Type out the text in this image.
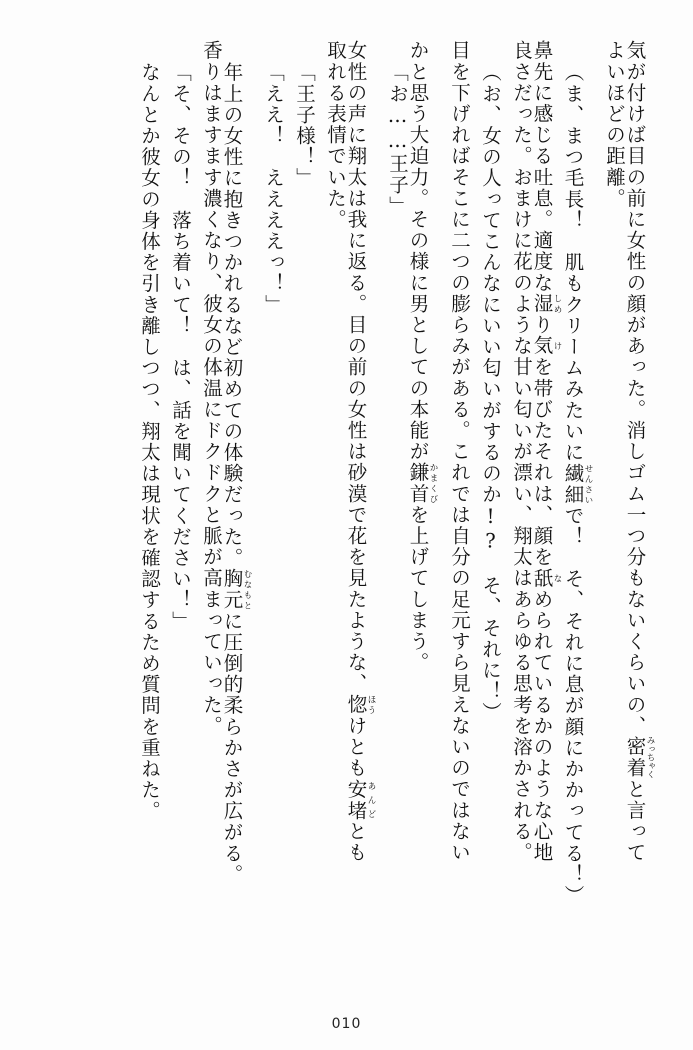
気が付けば目の前に女性の顔があった。消しゴム一つ分もないくらいの、密着みっちゃくと言って
よいほどの距離。
（ま、まつ毛長！　肌もクリームみたいに繊細せんさいで！　そ、それに息が顔にかかってる！）
鼻先に感じる吐息。適度な湿しめり気けを帯びたそれは、顔を舐なめられているかのような心地
良さだった。おまけに花のような甘い匂いが漂い、翔太はあらゆる思考を溶かされる。
（お、女の人ってこんなにいい匂いがするのか!?　そ、それに！）
目を下げればそこに二つの膨らみがある。これでは自分の足元すら見えないのではない
かと思う大迫力。その様に男としての本能が鎌首かまくびを上げてしまう。
「お……王子」
女性の声に翔太は我に返る。目の前の女性は砂漠で花を見たような、惚ほうけとも安堵あんどとも
取れる表情でいた。
「王子様！」
「ええ！　ええええっ！」
年上の女性に抱きつかれるなど初めての体験だった。胸元むなもとに圧倒的柔らかさが広がる。
香りはますます濃くなり、彼女の体温にドクドクと脈が高まっていった。
「そ、その！　落ち着いて！　は、話を聞いてください！」
なんとか彼女の身体を引き離しつつ、翔太は現状を確認するため質問を重ねた。
010
